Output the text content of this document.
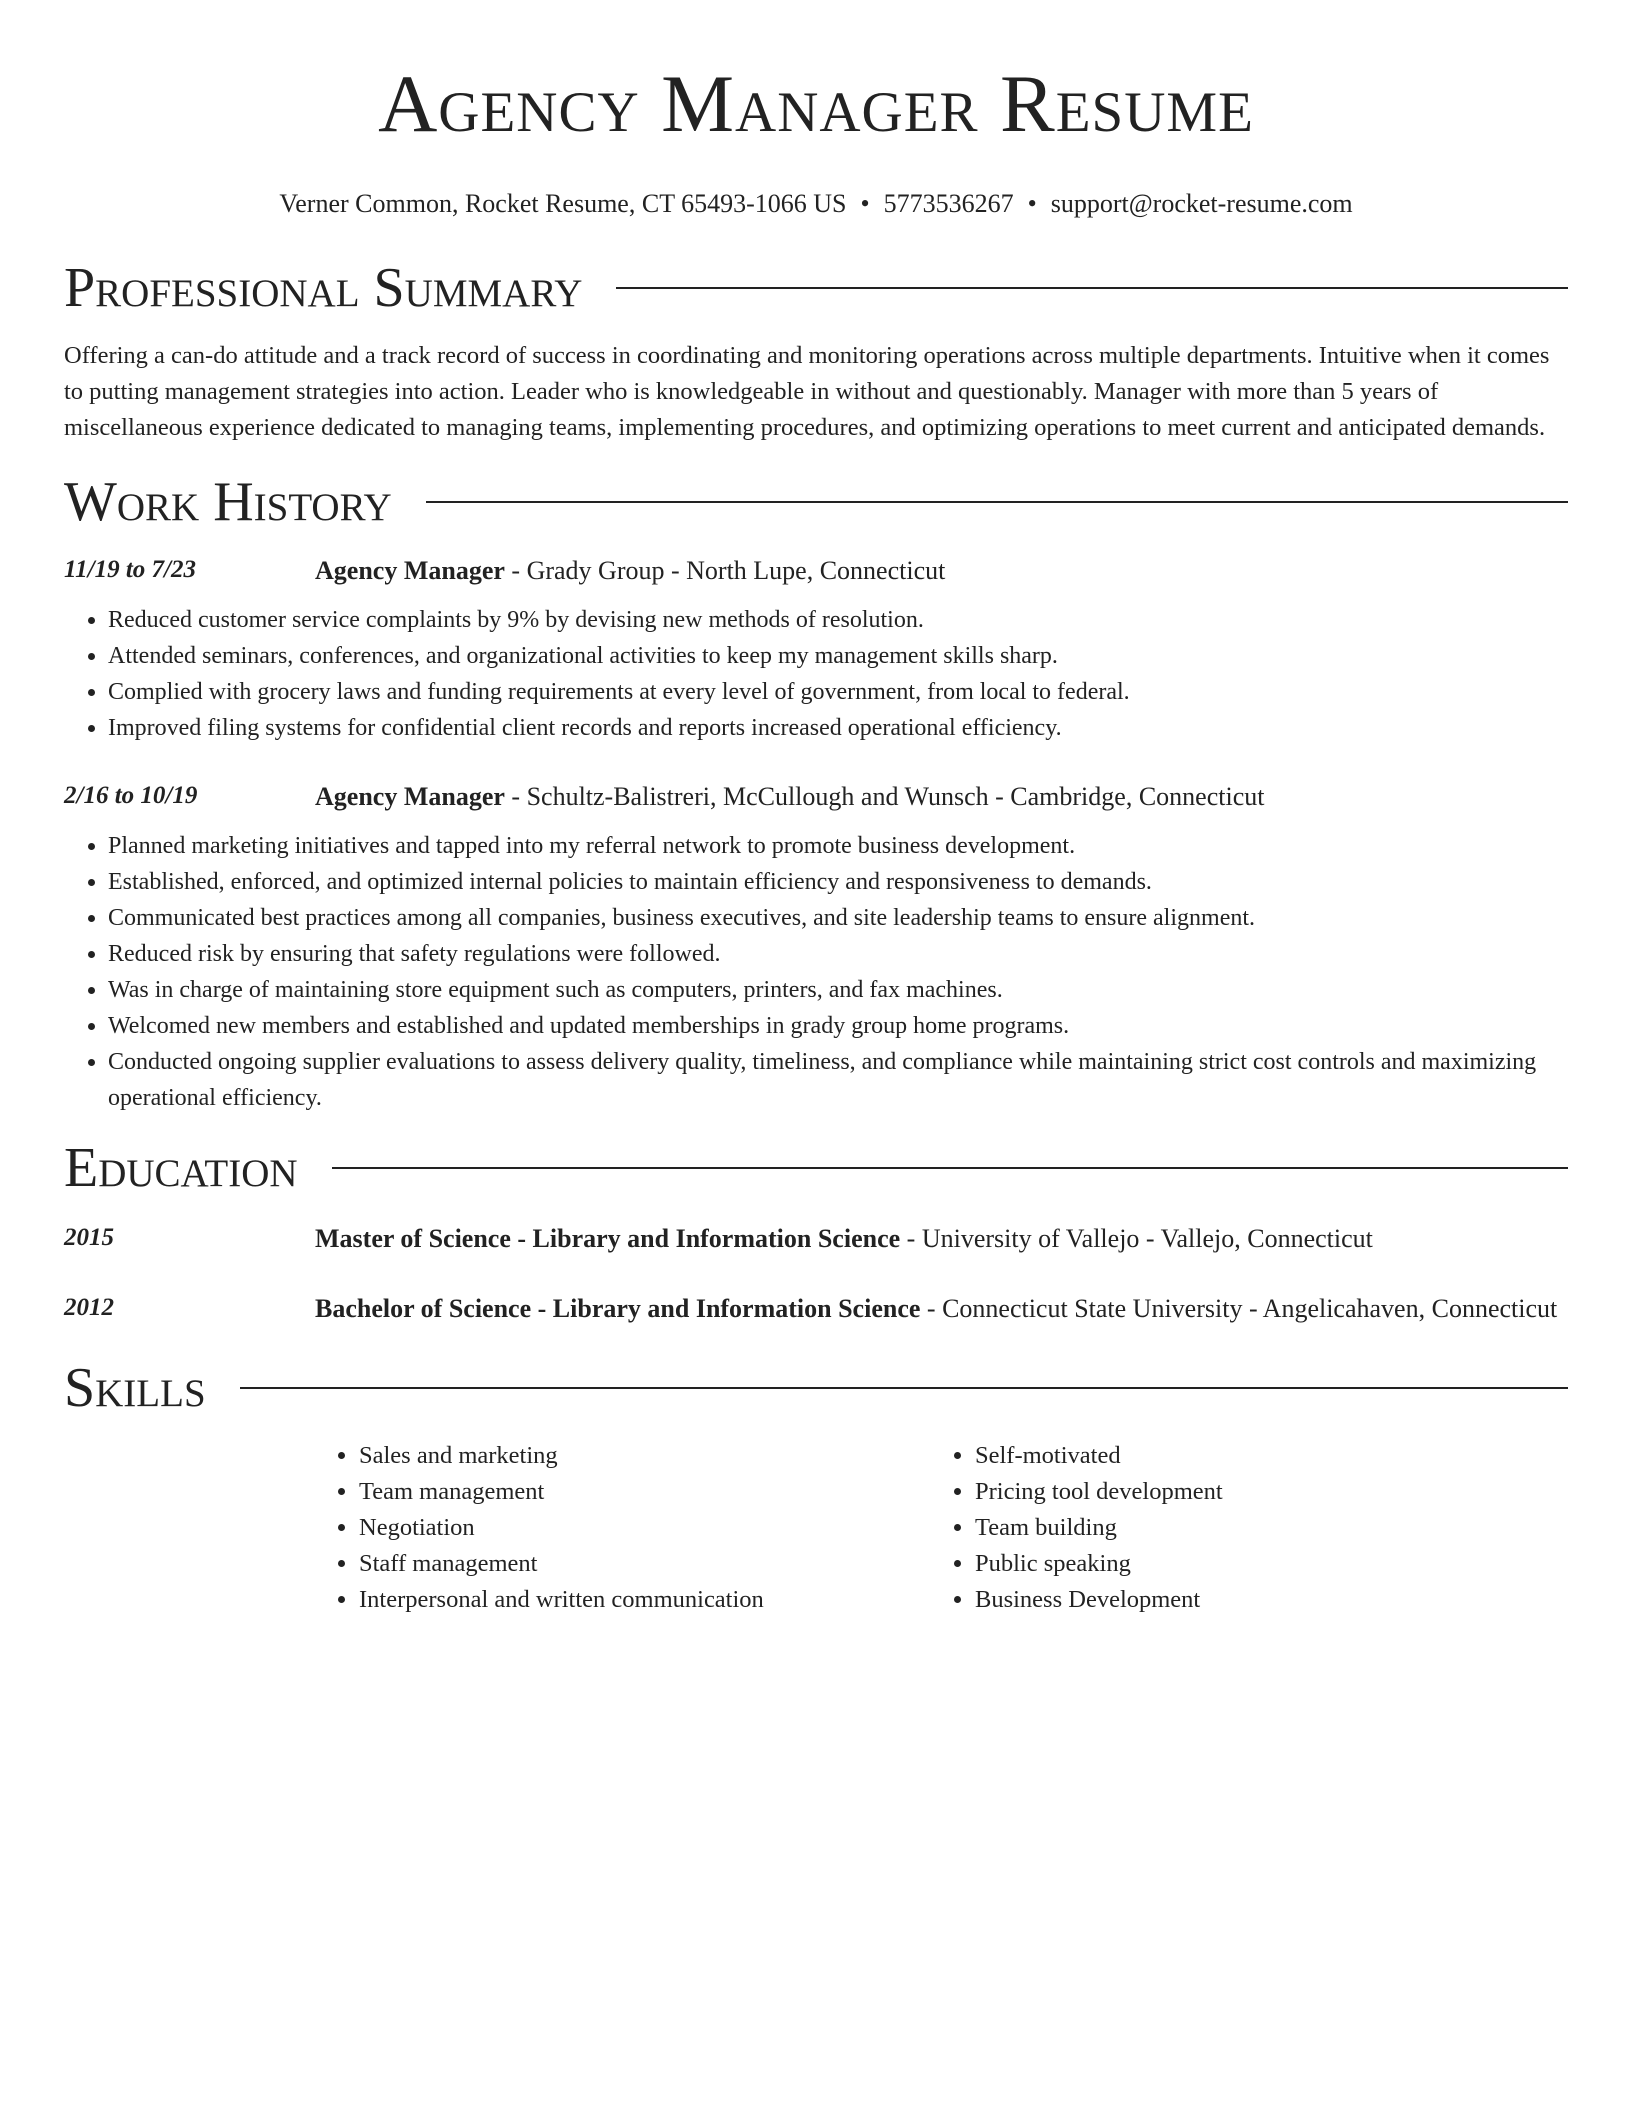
Agency Manager Resume
Verner Common, Rocket Resume, CT 65493-1066 US • 5773536267 • support@rocket-resume.com
Professional Summary

Offering a can-do attitude and a track record of success in coordinating and monitoring operations across multiple departments. Intuitive when it comes to putting management strategies into action. Leader who is knowledgeable in without and questionably. Manager with more than 5 years of miscellaneous experience dedicated to managing teams, implementing procedures, and optimizing operations to meet current and anticipated demands.

Work History
11/19 to 7/23	Agency Manager - Grady Group - North Lupe, Connecticut
• Reduced customer service complaints by 9% by devising new methods of resolution.
• Attended seminars, conferences, and organizational activities to keep my management skills sharp.
• Complied with grocery laws and funding requirements at every level of government, from local to federal.
• Improved filing systems for confidential client records and reports increased operational efficiency.
2/16 to 10/19	Agency Manager - Schultz-Balistreri, McCullough and Wunsch - Cambridge, Connecticut
• Planned marketing initiatives and tapped into my referral network to promote business development.
• Established, enforced, and optimized internal policies to maintain efficiency and responsiveness to demands.
• Communicated best practices among all companies, business executives, and site leadership teams to ensure alignment.
• Reduced risk by ensuring that safety regulations were followed.
• Was in charge of maintaining store equipment such as computers, printers, and fax machines.
• Welcomed new members and established and updated memberships in grady group home programs.
• Conducted ongoing supplier evaluations to assess delivery quality, timeliness, and compliance while maintaining strict cost controls and maximizing operational efficiency.
Education
2015	Master of Science - Library and Information Science - University of Vallejo - Vallejo, Connecticut
2012	Bachelor of Science - Library and Information Science - Connecticut State University - Angelicahaven, Connecticut
Skills
• Sales and marketing
• Team management
• Negotiation
• Staff management
• Interpersonal and written communication
• Self-motivated
• Pricing tool development
• Team building
• Public speaking
• Business Development
